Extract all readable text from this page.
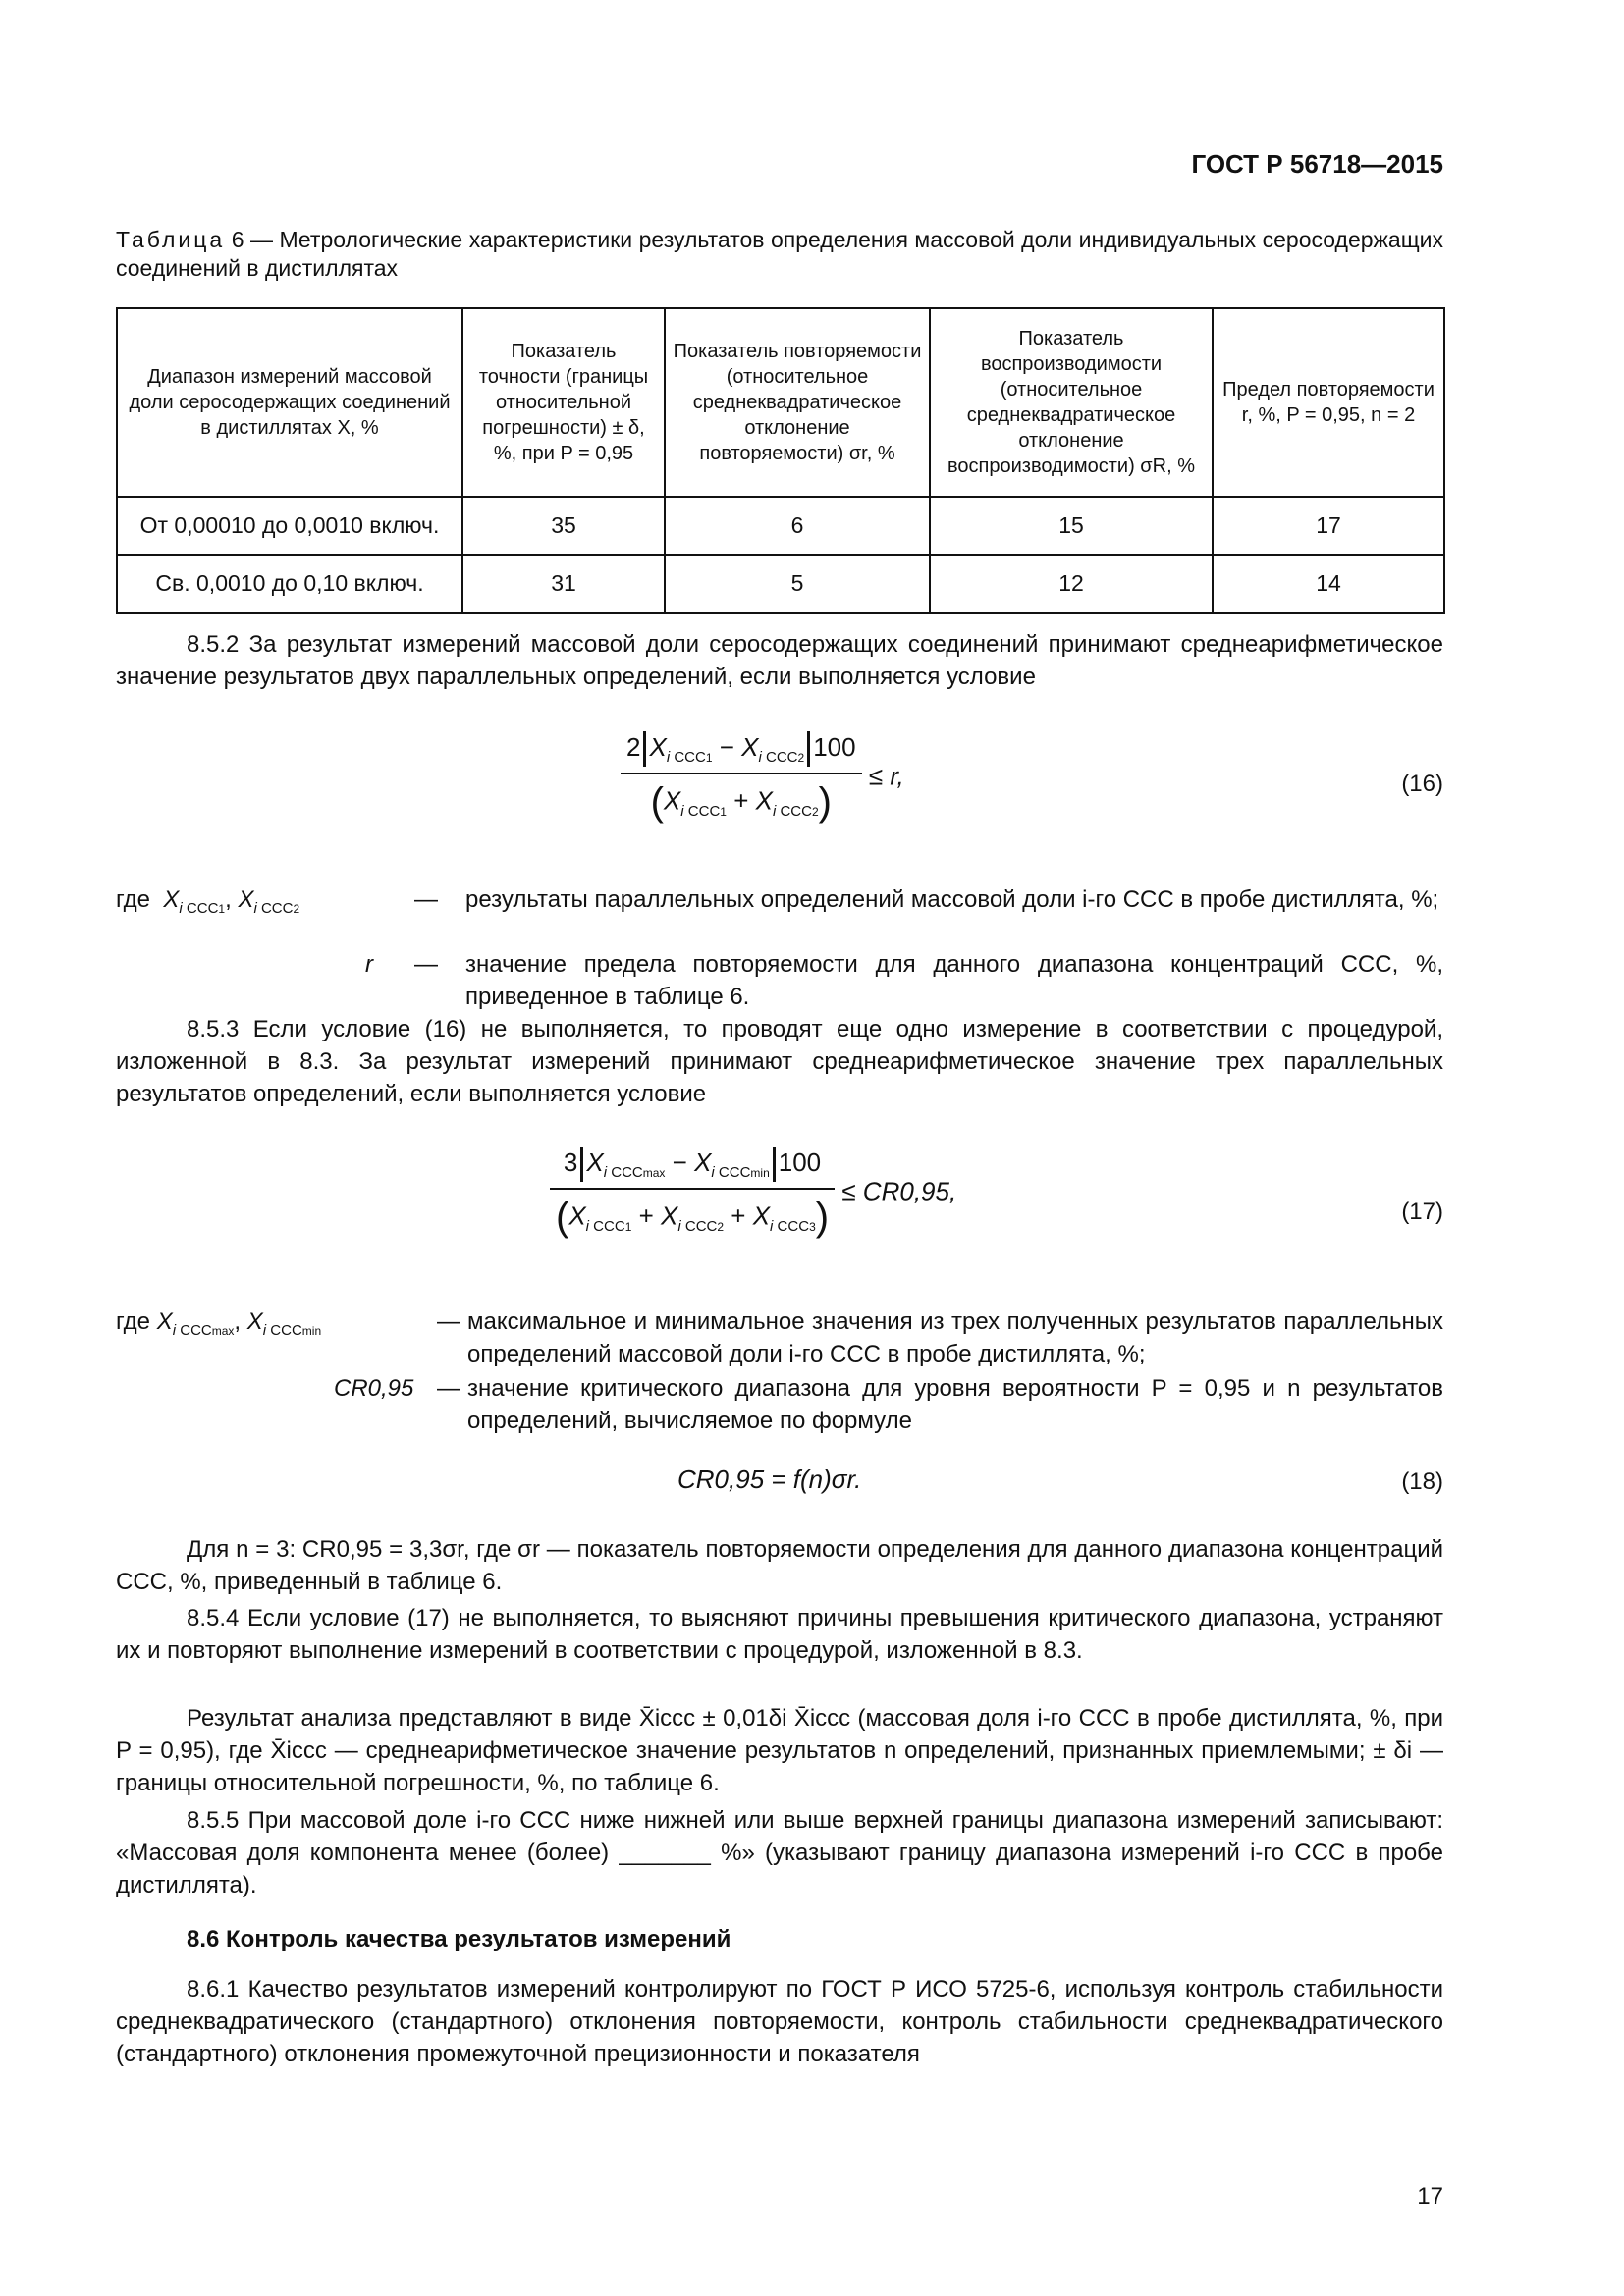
ГОСТ Р 56718—2015
Таблица 6 — Метрологические характеристики результатов определения массовой доли индивидуальных серосодержащих соединений в дистиллятах
Диапазон измерений массовой доли серосодержащих соединений в дистиллятах X, %	Показатель точности (границы относительной погрешности) ± δ, %, при P = 0,95	Показатель повторяемости (относительное среднеквадратическое отклонение повторяемости) σr, %	Показатель воспроизводимости (относительное среднеквадратическое отклонение воспроизводимости) σR, %	Предел повторяемости r, %, P = 0,95, n = 2
От 0,00010 до 0,0010 включ.	35	6	15	17
Св. 0,0010 до 0,10 включ.	31	5	12	14
8.5.2 За результат измерений массовой доли серосодержащих соединений принимают среднеарифметическое значение результатов двух параллельных определений, если выполняется условие
$\frac{2 X_{i ССС1} - X_{i ССС2} 100}{(X_{i ССС1} + X_{i ССС2})} \le r$,	(16)
где $X_{i ССС1}$, $X_{i ССС2}$	— результаты параллельных определений массовой доли i-го ССС в пробе дистиллята, %;
r — значение предела повторяемости для данного диапазона концентраций ССС, %, приведенное в таблице 6.
8.5.3 Если условие (16) не выполняется, то проводят еще одно измерение в соответствии с процедурой, изложенной в 8.3. За результат измерений принимают среднеарифметическое значение трех параллельных результатов определений, если выполняется условие
$\frac{3 X_{i СССmax} - X_{i СССmin} 100}{(X_{i ССС1} + X_{i ССС2} + X_{i ССС3})} \le CR0,95$,
(17)
где $X_{i СССmax}$, $X_{i СССmin}$	— максимальное и минимальное значения из трех полученных результатов параллельных определений массовой доли i-го ССС в пробе дистиллята, %;
CR0,95 — значение критического диапазона для уровня вероятности P = 0,95 и n результатов определений, вычисляемое по формуле
CR0,95 = f(n)σr.	(18)
Для n = 3: CR0,95 = 3,3σr, где σr — показатель повторяемости определения для данного диапазона концентраций ССС, %, приведенный в таблице 6.
8.5.4 Если условие (17) не выполняется, то выясняют причины превышения критического диапазона, устраняют их и повторяют выполнение измерений в соответствии с процедурой, изложенной в 8.3.
Результат анализа представляют в виде X̄iccc ± 0,01δi X̄iccc (массовая доля i-го ССС в пробе дистиллята, %, при P = 0,95), где X̄iccc — среднеарифметическое значение результатов n определений, признанных приемлемыми; ± δi — границы относительной погрешности, %, по таблице 6.
8.5.5 При массовой доле i-го ССС ниже нижней или выше верхней границы диапазона измерений записывают: «Массовая доля компонента менее (более) _______ %» (указывают границу диапазона измерений i-го ССС в пробе дистиллята).
8.6 Контроль качества результатов измерений
8.6.1 Качество результатов измерений контролируют по ГОСТ Р ИСО 5725-6, используя контроль стабильности среднеквадратического (стандартного) отклонения повторяемости, контроль стабильности среднеквадратического (стандартного) отклонения промежуточной прецизионности и показателя
17
